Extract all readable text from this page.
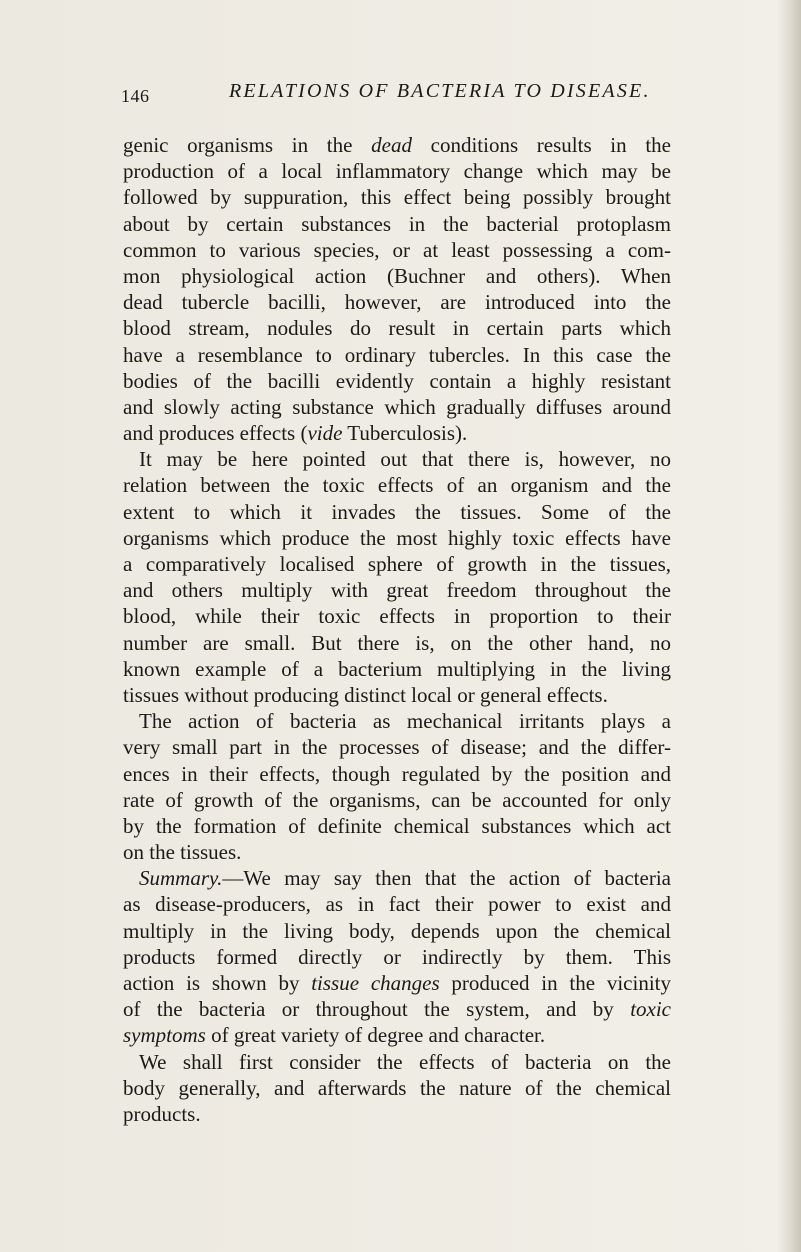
146	RELATIONS OF BACTERIA TO DISEASE.
genic organisms in the dead conditions results in the
production of a local inflammatory change which may be
followed by suppuration, this effect being possibly brought
about by certain substances in the bacterial protoplasm
common to various species, or at least possessing a com-
mon physiological action (Buchner and others). When
dead tubercle bacilli, however, are introduced into the
blood stream, nodules do result in certain parts which
have a resemblance to ordinary tubercles. In this case the
bodies of the bacilli evidently contain a highly resistant
and slowly acting substance which gradually diffuses around
and produces effects (vide Tuberculosis).
It may be here pointed out that there is, however, no
relation between the toxic effects of an organism and the
extent to which it invades the tissues. Some of the
organisms which produce the most highly toxic effects have
a comparatively localised sphere of growth in the tissues,
and others multiply with great freedom throughout the
blood, while their toxic effects in proportion to their
number are small. But there is, on the other hand, no
known example of a bacterium multiplying in the living
tissues without producing distinct local or general effects.
The action of bacteria as mechanical irritants plays a
very small part in the processes of disease; and the differ-
ences in their effects, though regulated by the position and
rate of growth of the organisms, can be accounted for only
by the formation of definite chemical substances which act
on the tissues.
Summary.—We may say then that the action of bacteria
as disease-producers, as in fact their power to exist and
multiply in the living body, depends upon the chemical
products formed directly or indirectly by them. This
action is shown by tissue changes produced in the vicinity
of the bacteria or throughout the system, and by toxic
symptoms of great variety of degree and character.
We shall first consider the effects of bacteria on the
body generally, and afterwards the nature of the chemical
products.
